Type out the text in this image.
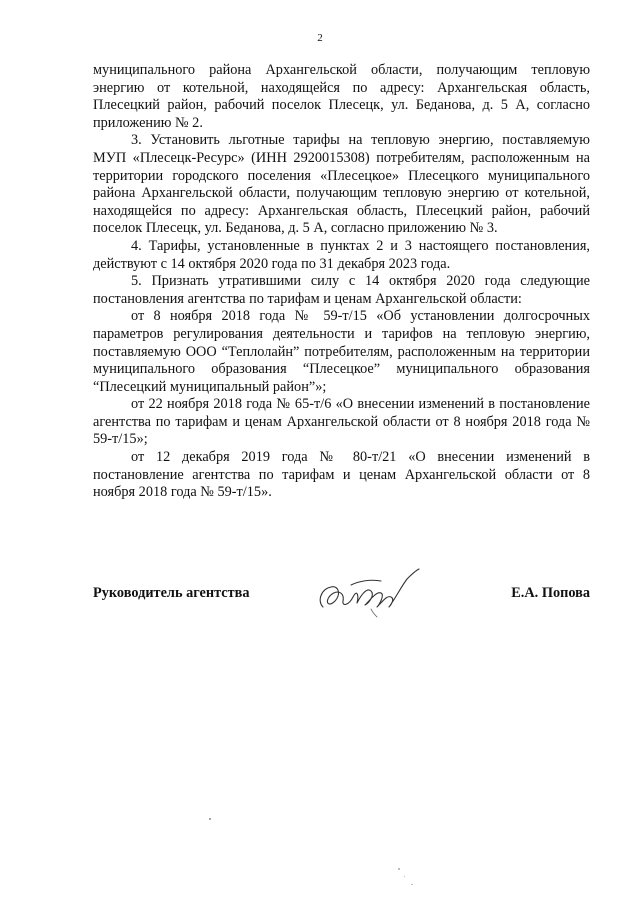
2

муниципального района Архангельской области, получающим тепловую энергию от котельной, находящейся по адресу: Архангельская область, Плесецкий район, рабочий поселок Плесецк, ул. Беданова, д. 5 А, согласно приложению № 2.

3. Установить льготные тарифы на тепловую энергию, поставляемую МУП «Плесецк-Ресурс» (ИНН 2920015308) потребителям, расположенным на территории городского поселения «Плесецкое» Плесецкого муниципального района Архангельской области, получающим тепловую энергию от котельной, находящейся по адресу: Архангельская область, Плесецкий район, рабочий поселок Плесецк, ул. Беданова, д. 5 А, согласно приложению № 3.

4. Тарифы, установленные в пунктах 2 и 3 настоящего постановления, действуют с 14 октября 2020 года по 31 декабря 2023 года.

5. Признать утратившими силу с 14 октября 2020 года следующие постановления агентства по тарифам и ценам Архангельской области:

от 8 ноября 2018 года № 59-т/15 «Об установлении долгосрочных параметров регулирования деятельности и тарифов на тепловую энергию, поставляемую ООО “Теплолайн” потребителям, расположенным на территории муниципального образования “Плесецкое” муниципального образования “Плесецкий муниципальный район”»;

от 22 ноября 2018 года № 65-т/6 «О внесении изменений в постановление агентства по тарифам и ценам Архангельской области от 8 ноября 2018 года № 59-т/15»;

от 12 декабря 2019 года № 80-т/21 «О внесении изменений в постановление агентства по тарифам и ценам Архангельской области от 8 ноября 2018 года № 59-т/15».

Руководитель агентства	Е.А. Попова
